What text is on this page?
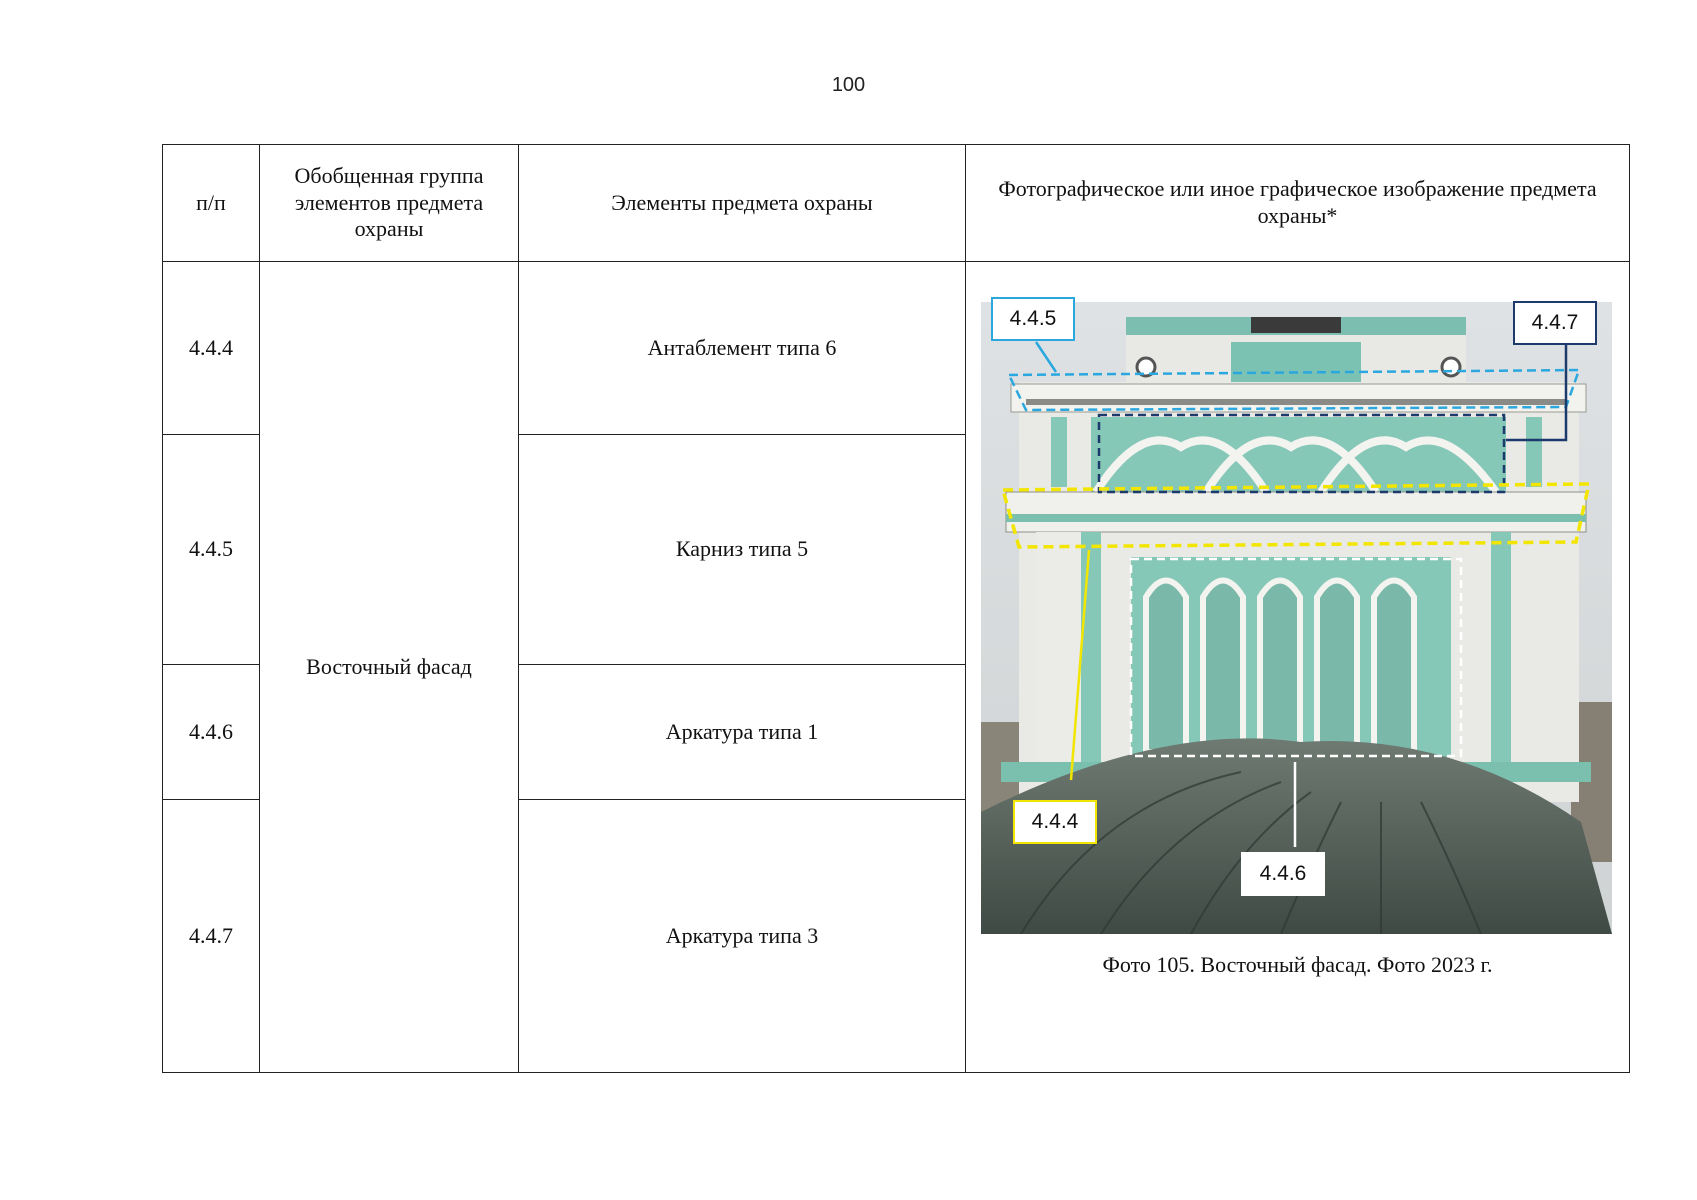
100
п/п	Обобщенная группа элементов предмета охраны	Элементы предмета охраны	Фотографическое или иное графическое изображение предмета охраны*
4.4.4	Восточный фасад	Антаблемент типа 6	4.4.5 4.4.7
4.4.4
4.4.6
Фото 105. Восточный фасад. Фото 2023 г.

4.4.5		Карниз типа 5	
4.4.6		Аркатура типа 1	
4.4.7		Аркатура типа 3	
